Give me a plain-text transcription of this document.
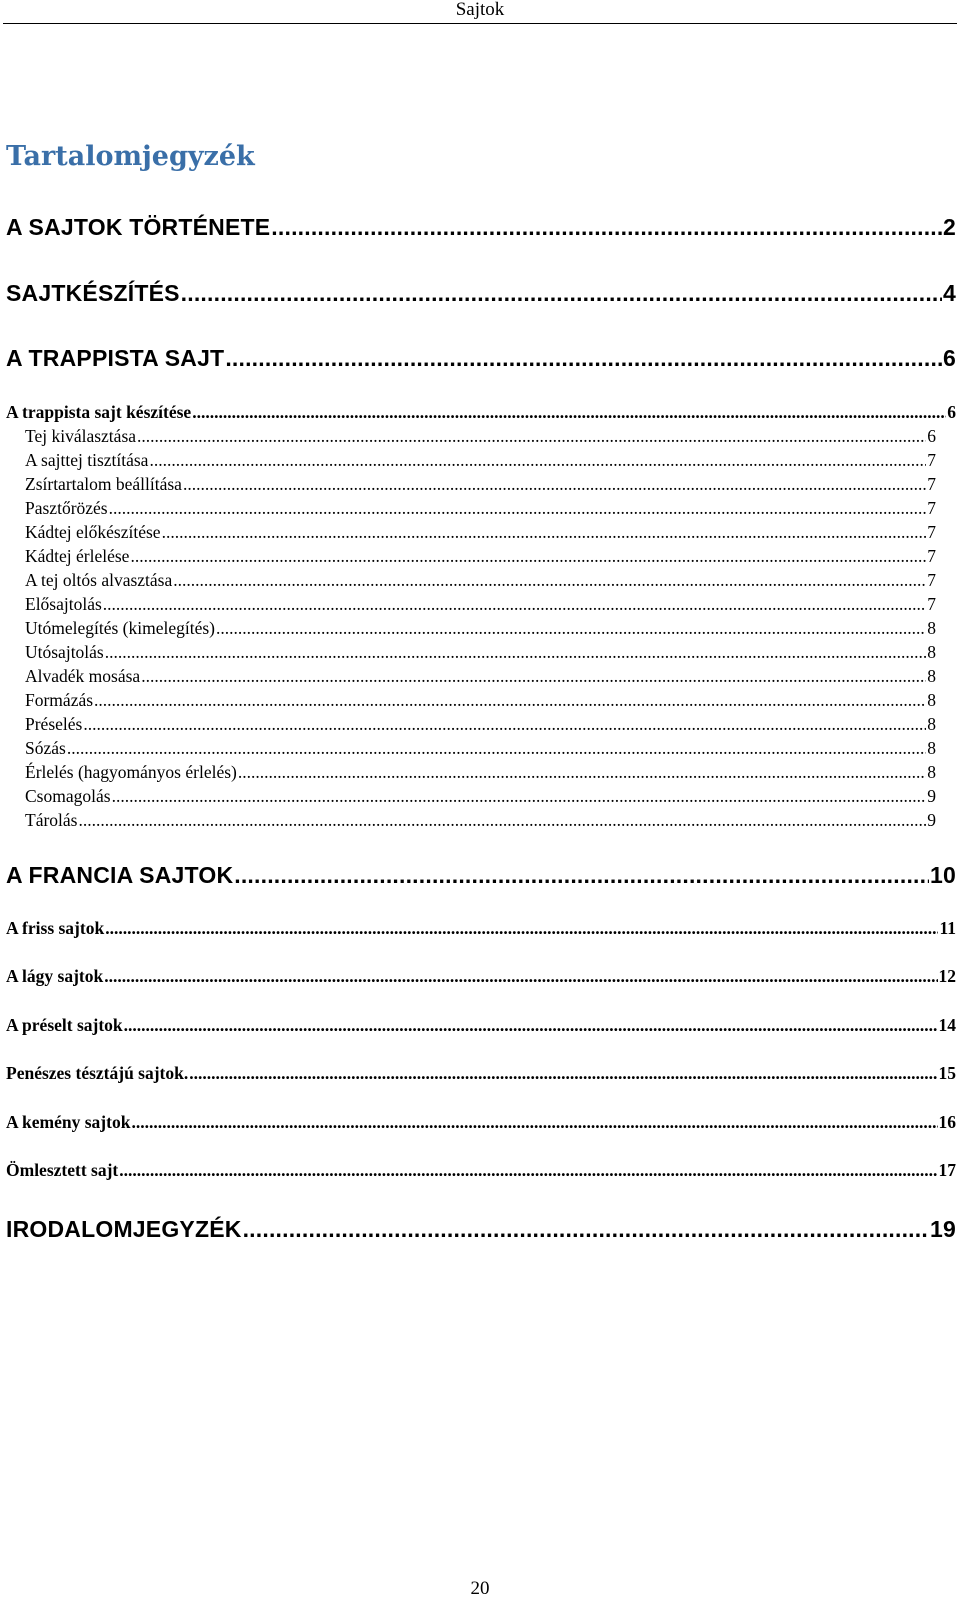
Sajtok
Tartalomjegyzék
A SAJTOK TÖRTÉNETE .....	2
SAJTKÉSZÍTÉS .....	4
A TRAPPISTA SAJT .....	6
A trappista sajt készítése .....	6
Tej kiválasztása .....	6
A sajttej tisztítása .....	7
Zsírtartalom beállítása .....	7
Pasztőrözés .....	7
Kádtej előkészítése .....	7
Kádtej érlelése .....	7
A tej oltós alvasztása .....	7
Elősajtolás .....	7
Utómelegítés (kimelegítés) .....	8
Utósajtolás .....	8
Alvadék mosása .....	8
Formázás .....	8
Préselés .....	8
Sózás .....	8
Érlelés (hagyományos érlelés) .....	8
Csomagolás .....	9
Tárolás .....	9
A FRANCIA SAJTOK .....	10
A friss sajtok .....	11
A lágy sajtok .....	12
A préselt sajtok .....	14
Penészes tésztájú sajtok. .....	15
A kemény sajtok .....	16
Ömlesztett sajt .....	17
IRODALOMJEGYZÉK .....	19
20
